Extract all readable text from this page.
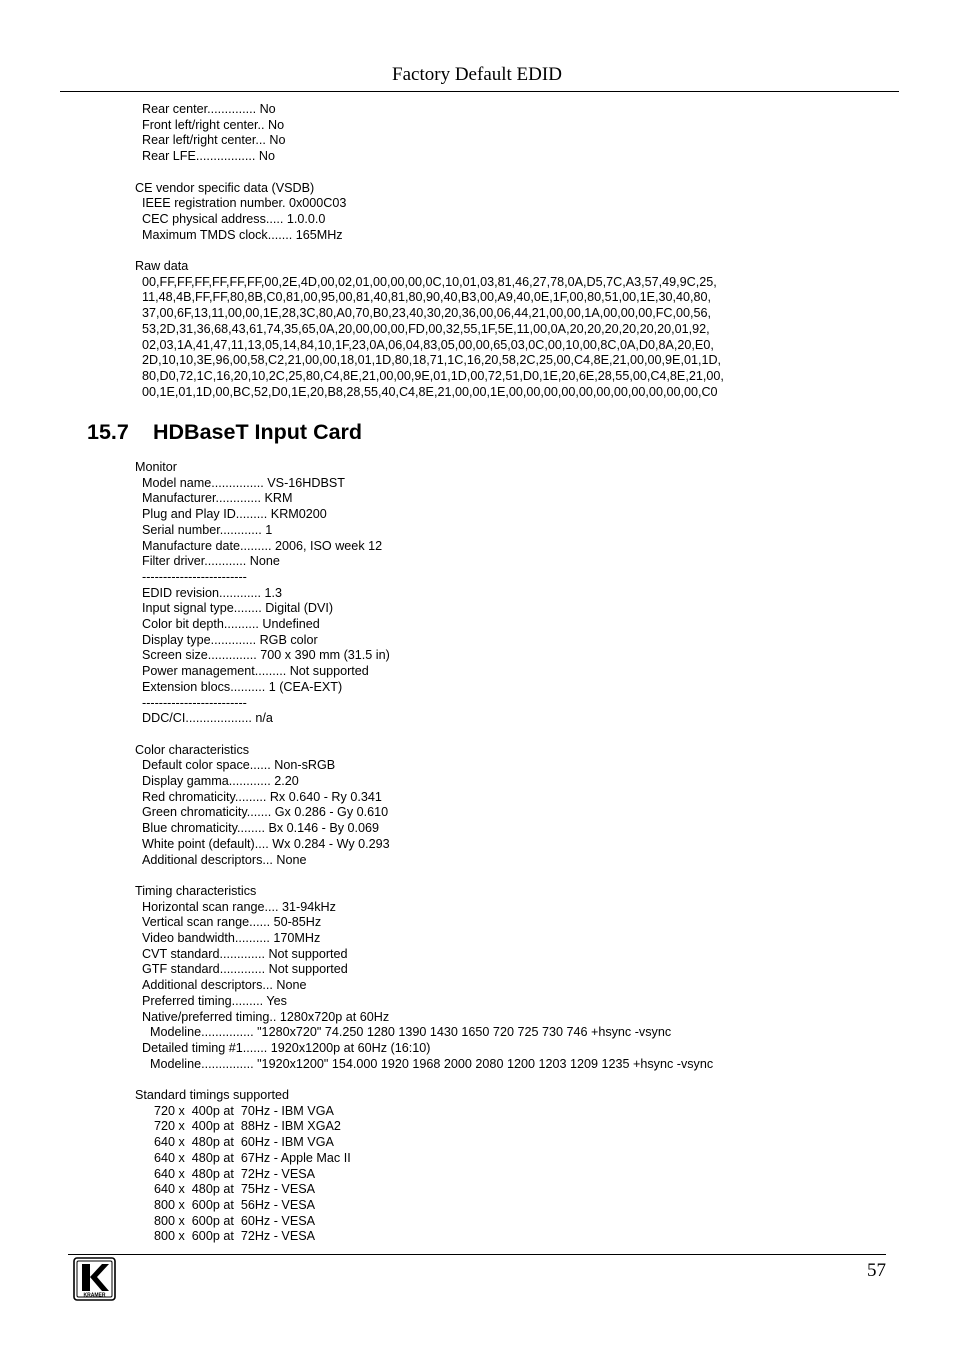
Factory Default EDID
Rear center.............. No
Front left/right center.. No
Rear left/right center... No
Rear LFE................. No
CE vendor specific data (VSDB)
IEEE registration number. 0x000C03
CEC physical address..... 1.0.0.0
Maximum TMDS clock....... 165MHz
Raw data
00,FF,FF,FF,FF,FF,FF,00,2E,4D,00,02,01,00,00,00,0C,10,01,03,81,46,27,78,0A,D5,7C,A3,57,49,9C,25,
11,48,4B,FF,FF,80,8B,C0,81,00,95,00,81,40,81,80,90,40,B3,00,A9,40,0E,1F,00,80,51,00,1E,30,40,80,
37,00,6F,13,11,00,00,1E,28,3C,80,A0,70,B0,23,40,30,20,36,00,06,44,21,00,00,1A,00,00,00,FC,00,56,
53,2D,31,36,68,43,61,74,35,65,0A,20,00,00,00,FD,00,32,55,1F,5E,11,00,0A,20,20,20,20,20,20,01,92,
02,03,1A,41,47,11,13,05,14,84,10,1F,23,0A,06,04,83,05,00,00,65,03,0C,00,10,00,8C,0A,D0,8A,20,E0,
2D,10,10,3E,96,00,58,C2,21,00,00,18,01,1D,80,18,71,1C,16,20,58,2C,25,00,C4,8E,21,00,00,9E,01,1D,
80,D0,72,1C,16,20,10,2C,25,80,C4,8E,21,00,00,9E,01,1D,00,72,51,D0,1E,20,6E,28,55,00,C4,8E,21,00,
00,1E,01,1D,00,BC,52,D0,1E,20,B8,28,55,40,C4,8E,21,00,00,1E,00,00,00,00,00,00,00,00,00,00,00,C0
15.7 HDBaseT Input Card
Monitor
Model name............... VS-16HDBST
Manufacturer............. KRM
Plug and Play ID......... KRM0200
Serial number............ 1
Manufacture date......... 2006, ISO week 12
Filter driver............ None
-------------------------
EDID revision............ 1.3
Input signal type........ Digital (DVI)
Color bit depth.......... Undefined
Display type............. RGB color
Screen size.............. 700 x 390 mm (31.5 in)
Power management......... Not supported
Extension blocs.......... 1 (CEA-EXT)
-------------------------
DDC/CI................... n/a
Color characteristics
Default color space...... Non-sRGB
Display gamma............ 2.20
Red chromaticity......... Rx 0.640 - Ry 0.341
Green chromaticity....... Gx 0.286 - Gy 0.610
Blue chromaticity........ Bx 0.146 - By 0.069
White point (default).... Wx 0.284 - Wy 0.293
Additional descriptors... None
Timing characteristics
Horizontal scan range.... 31-94kHz
Vertical scan range...... 50-85Hz
Video bandwidth.......... 170MHz
CVT standard............. Not supported
GTF standard............. Not supported
Additional descriptors... None
Preferred timing......... Yes
Native/preferred timing.. 1280x720p at 60Hz
Modeline............... "1280x720" 74.250 1280 1390 1430 1650 720 725 730 746 +hsync -vsync
Detailed timing #1....... 1920x1200p at 60Hz (16:10)
Modeline............... "1920x1200" 154.000 1920 1968 2000 2080 1200 1203 1209 1235 +hsync -vsync
Standard timings supported
720 x  400p at  70Hz - IBM VGA
720 x  400p at  88Hz - IBM XGA2
640 x  480p at  60Hz - IBM VGA
640 x  480p at  67Hz - Apple Mac II
640 x  480p at  72Hz - VESA
640 x  480p at  75Hz - VESA
800 x  600p at  56Hz - VESA
800 x  600p at  60Hz - VESA
800 x  600p at  72Hz - VESA
KRAMER
57
